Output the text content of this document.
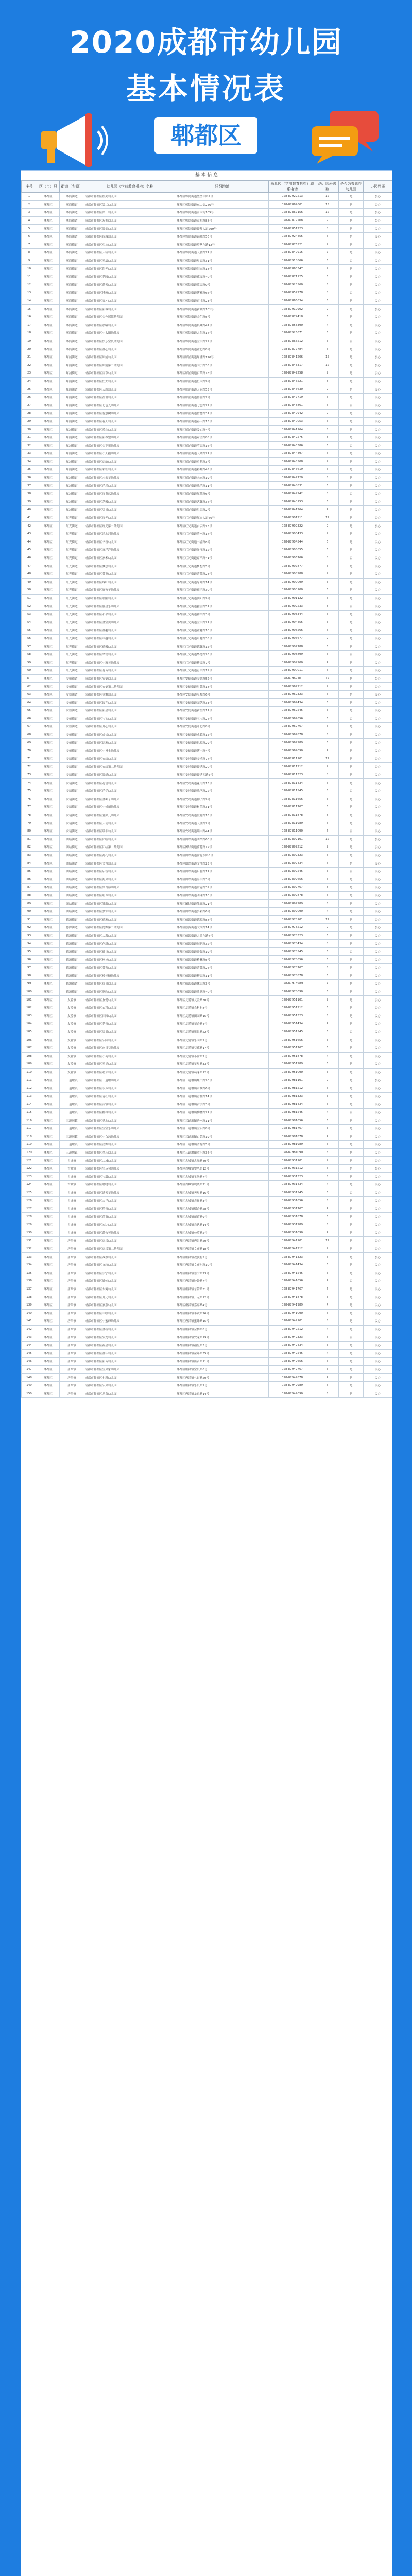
2020成都市幼儿园
基本情况表
郫都区
基 本 信 息
序号	区（市）县	街道（乡镇）	幼儿园（学前教育机构）名称	详细地址	幼儿园（学前教育机构）联系电话	幼儿园班级数	是否为普惠性幼儿园	办园性质
1	郫都区	郫筒街道	成都市郫都区机关幼儿园	郫都区郫筒街道望丛中路9号	028-87922213	12	是	公办
2	郫都区	郫筒街道	成都市郫都区第二幼儿园	郫都区郫筒街道东大街256号	028-87862601	15	是	公办
3	郫都区	郫筒街道	成都市郫都区第三幼儿园	郫都区郫筒街道南大街105号	028-87867156	12	是	公办
4	郫都区	郫筒街道	成都市郫都区双柏幼儿园	郫都区郫筒街道双柏路88号	028-87872208	9	是	公办
5	郫都区	郫筒街道	成都市郫都区蜀都幼儿园	郫都区郫筒街道蜀都大道299号	028-87851223	8	是	民办
6	郫都区	郫筒街道	成都市郫都区锦城幼儿园	郫都区郫筒街道锦城路56号	028-87924455	6	是	民办
7	郫都区	郫筒街道	成都市郫都区望丛幼儿园	郫都区郫筒街道望丛东路12号	028-87876521	9	是	民办
8	郫都区	郫筒街道	成都市郫都区天骄幼儿园	郫都区郫筒街道天骄路77号	028-87849915	7	是	民办
9	郫都区	郫筒街道	成都市郫都区星辰幼儿园	郫都区郫筒街道星辰路31号	028-87918866	6	否	民办
10	郫都区	郫筒街道	成都市郫都区阳光幼儿园	郫都区郫筒街道阳光路18号	028-87863347	9	是	民办
11	郫都区	郫筒街道	成都市郫都区花园幼儿园	郫都区郫筒街道花园路40号	028-87871125	6	是	民办
12	郫都区	郫筒街道	成都市郫都区蓝天幼儿园	郫都区郫筒街道蓝天路9号	028-87925560	5	是	民办
13	郫都区	郫筒街道	成都市郫都区博雅幼儿园	郫都区郫筒街道博雅路66号	028-87852278	8	否	民办
14	郫都区	郫筒街道	成都市郫都区育才幼儿园	郫都区郫筒街道育才路23号	028-87866634	6	是	民办
15	郫都区	郫筒街道	成都市郫都区新城幼儿园	郫都区郫筒街道新城路101号	028-87919902	9	是	公办
16	郫都区	郫筒街道	成都市郫都区金色摇篮幼儿园	郫都区郫筒街道金色路5号	028-87874418	6	是	民办
17	郫都区	郫筒街道	成都市郫都区晨曦幼儿园	郫都区郫筒街道晨曦路47号	028-87853390	4	是	民办
18	郫都区	郫筒街道	成都市郫都区小太阳幼儿园	郫都区郫筒街道太阳路14号	028-87926671	6	是	民办
19	郫都区	郫筒街道	成都市郫都区快乐宝贝幼儿园	郫都区郫筒街道宝贝路29号	028-87865512	5	否	民办
20	郫都区	郫筒街道	成都市郫都区童心幼儿园	郫都区郫筒街道童心路8号	028-87877784	6	是	民办
21	郫都区	犀浦街道	成都市郫都区犀浦幼儿园	郫都区犀浦街道犀浦路120号	028-87841206	15	是	公办
22	郫都区	犀浦街道	成都市郫都区犀浦第二幼儿园	郫都区犀浦街道国宁路36号	028-87843317	12	是	公办
23	郫都区	犀浦街道	成都市郫都区百草幼儿园	郫都区犀浦街道百草路18号	028-87842258	9	是	公办
24	郫都区	犀浦街道	成都市郫都区恒大幼儿园	郫都区犀浦街道恒大路9号	028-87845521	8	是	民办
25	郫都区	犀浦街道	成都市郫都区天府幼儿园	郫都区犀浦街道天府路55号	028-87846630	9	是	民办
26	郫都区	犀浦街道	成都市郫都区蓓蕾幼儿园	郫都区犀浦街道蓓蕾路7号	028-87847719	6	是	民办
27	郫都区	犀浦街道	成都市郫都区七色光幼儿园	郫都区犀浦街道七色路22号	028-87848861	6	否	民办
28	郫都区	犀浦街道	成都市郫都区智慧树幼儿园	郫都区犀浦街道智慧路31号	028-87849942	9	是	民办
29	郫都区	犀浦街道	成都市郫都区春天幼儿园	郫都区犀浦街道春天路13号	028-87840053	6	是	民办
30	郫都区	犀浦街道	成都市郫都区爱心幼儿园	郫都区犀浦街道爱心路4号	028-87841164	5	是	民办
31	郫都区	犀浦街道	成都市郫都区新希望幼儿园	郫都区犀浦街道希望路88号	028-87842275	8	是	民办
32	郫都区	犀浦街道	成都市郫都区金苹果幼儿园	郫都区犀浦街道苹果路16号	028-87843386	6	否	民办
33	郫都区	犀浦街道	成都市郫都区小天鹅幼儿园	郫都区犀浦街道天鹅路27号	028-87844497	6	是	民办
34	郫都区	犀浦街道	成都市郫都区启航幼儿园	郫都区犀浦街道启航路3号	028-87845508	9	是	民办
35	郫都区	犀浦街道	成都市郫都区彩虹幼儿园	郫都区犀浦街道彩虹路45号	028-87846619	6	是	民办
36	郫都区	犀浦街道	成都市郫都区未来星幼儿园	郫都区犀浦街道未来路19号	028-87847720	5	是	民办
37	郫都区	犀浦街道	成都市郫都区乐乐幼儿园	郫都区犀浦街道乐乐路11号	028-87848831	6	是	民办
38	郫都区	犀浦街道	成都市郫都区红黄蓝幼儿园	郫都区犀浦街道红蓝路6号	028-87849942	8	否	民办
39	郫都区	犀浦街道	成都市郫都区艺馨幼儿园	郫都区犀浦街道艺馨路34号	028-87840153	6	是	民办
40	郫都区	犀浦街道	成都市郫都区贝贝幼儿园	郫都区犀浦街道贝贝路2号	028-87841264	4	是	民办
41	郫都区	红光街道	成都市郫都区红光幼儿园	郫都区红光街道红光大道66号	028-87901211	12	是	公办
42	郫都区	红光街道	成都市郫都区红光第二幼儿园	郫都区红光街道白云路23号	028-87902322	9	是	公办
43	郫都区	红光街道	成都市郫都区清水河幼儿园	郫都区红光街道清水路17号	028-87903433	9	是	民办
44	郫都区	红光街道	成都市郫都区书香幼儿园	郫都区红光街道书香路8号	028-87904544	6	是	民办
45	郫都区	红光街道	成都市郫都区喜洋洋幼儿园	郫都区红光街道洋洋路12号	028-87905655	6	是	民办
46	郫都区	红光街道	成都市郫都区嘉禾幼儿园	郫都区红光街道嘉禾路41号	028-87906766	8	否	民办
47	郫都区	红光街道	成都市郫都区梦想幼儿园	郫都区红光街道梦想路5号	028-87907877	6	是	民办
48	郫都区	红光街道	成都市郫都区菁英幼儿园	郫都区红光街道菁英路28号	028-87908988	9	是	民办
49	郫都区	红光街道	成都市郫都区绿叶幼儿园	郫都区红光街道绿叶路14号	028-87909099	5	是	民办
50	郫都区	红光街道	成都市郫都区好孩子幼儿园	郫都区红光街道孩子路30号	028-87900100	6	是	民办
51	郫都区	红光街道	成都市郫都区朝阳幼儿园	郫都区红光街道朝阳路9号	028-87901122	6	是	民办
52	郫都区	红光街道	成都市郫都区雅居乐幼儿园	郫都区红光街道雅居路57号	028-87902233	8	否	民办
53	郫都区	红光街道	成都市郫都区和平幼儿园	郫都区红光街道和平路3号	028-87903344	6	是	民办
54	郫都区	红光街道	成都市郫都区金宝贝幼儿园	郫都区红光街道宝贝路21号	028-87904455	5	是	民办
55	郫都区	红光街道	成都市郫都区童趣幼儿园	郫都区红光街道童趣路10号	028-87905566	6	是	民办
56	郫都区	红光街道	成都市郫都区卓越幼儿园	郫都区红光街道卓越路38号	028-87906677	9	是	民办
57	郫都区	红光街道	成都市郫都区德馨幼儿园	郫都区红光街道德馨路15号	028-87907788	6	是	民办
58	郫都区	红光街道	成都市郫都区华德幼儿园	郫都区红光街道华德路26号	028-87908899	6	否	民办
59	郫都区	红光街道	成都市郫都区小精灵幼儿园	郫都区红光街道精灵路7号	028-87909900	4	是	民办
60	郫都区	红光街道	成都市郫都区育苗幼儿园	郫都区红光街道育苗路19号	028-87900011	6	是	民办
61	郫都区	安德街道	成都市郫都区安德幼儿园	郫都区安德街道安德路52号	028-87962101	12	是	公办
62	郫都区	安德街道	成都市郫都区安德第二幼儿园	郫都区安德街道川菜路18号	028-87962212	9	是	公办
63	郫都区	安德街道	成都市郫都区豆瓣幼儿园	郫都区安德街道豆瓣路6号	028-87962323	6	是	民办
64	郫都区	安德街道	成都市郫都区园艺幼儿园	郫都区安德街道园艺路33号	028-87962434	6	是	民办
65	郫都区	安德街道	成都市郫都区新星幼儿园	郫都区安德街道新星路11号	028-87962545	5	是	民办
66	郫都区	安德街道	成都市郫都区宝宝幼儿园	郫都区安德街道宝宝路24号	028-87962656	6	否	民办
67	郫都区	安德街道	成都市郫都区开心幼儿园	郫都区安德街道开心路8号	028-87962767	6	是	民办
68	郫都区	安德街道	成都市郫都区成长幼儿园	郫都区安德街道成长路15号	028-87962878	5	是	民办
69	郫都区	安德街道	成都市郫都区思源幼儿园	郫都区安德街道思源路29号	028-87962989	6	是	民办
70	郫都区	安德街道	成都市郫都区小博士幼儿园	郫都区安德街道博士路4号	028-87962090	4	是	民办
71	郫都区	安靖街道	成都市郫都区安靖幼儿园	郫都区安靖街道安靖路77号	028-87811101	12	是	公办
72	郫都区	安靖街道	成都市郫都区安靖第二幼儿园	郫都区安靖街道蜀绣路20号	028-87811212	9	是	公办
73	郫都区	安靖街道	成都市郫都区蜀绣幼儿园	郫都区安靖街道蜀绣西路5号	028-87811323	8	是	民办
74	郫都区	安靖街道	成都市郫都区花语幼儿园	郫都区安靖街道花语路13号	028-87811434	6	是	民办
75	郫都区	安靖街道	成都市郫都区乐学幼儿园	郫都区安靖街道乐学路22号	028-87811545	6	否	民办
76	郫都区	安靖街道	成都市郫都区金种子幼儿园	郫都区安靖街道种子路9号	028-87811656	5	是	民办
77	郫都区	安靖街道	成都市郫都区小树苗幼儿园	郫都区安靖街道树苗路31号	028-87811767	6	是	民办
78	郫都区	安靖街道	成都市郫都区爱弥儿幼儿园	郫都区安靖街道爱弥路16号	028-87811878	8	是	民办
79	郫都区	安靖街道	成都市郫都区天使幼儿园	郫都区安靖街道天使路2号	028-87811989	6	是	民办
80	郫都区	安靖街道	成都市郫都区瑞丰幼儿园	郫都区安靖街道瑞丰路44号	028-87811090	6	否	民办
81	郫都区	团结街道	成都市郫都区团结幼儿园	郫都区团结街道团结路60号	028-87892101	12	是	公办
82	郫都区	团结街道	成都市郫都区团结第二幼儿园	郫都区团结街道荷花路12号	028-87892212	9	是	公办
83	郫都区	团结街道	成都市郫都区荷花幼儿园	郫都区团结街道荷花东路8号	028-87892323	6	是	民办
84	郫都区	团结街道	成都市郫都区文博幼儿园	郫都区团结街道文博路25号	028-87892434	6	是	民办
85	郫都区	团结街道	成都市郫都区启智幼儿园	郫都区团结街道启智路17号	028-87892545	5	否	民办
86	郫都区	团结街道	成都市郫都区海贝幼儿园	郫都区团结街道海贝路3号	028-87892656	6	是	民办
87	郫都区	团结街道	成都市郫都区常青藤幼儿园	郫都区团结街道常青路39号	028-87892767	8	是	民办
88	郫都区	团结街道	成都市郫都区明珠幼儿园	郫都区团结街道明珠路10号	028-87892878	6	是	民办
89	郫都区	团结街道	成都市郫都区雏鹰幼儿园	郫都区团结街道雏鹰路21号	028-87892989	5	是	民办
90	郫都区	团结街道	成都市郫都区多彩幼儿园	郫都区团结街道多彩路6号	028-87892090	4	是	民办
91	郫都区	德源街道	成都市郫都区德源幼儿园	郫都区德源街道德源路88号	028-87978101	12	是	公办
92	郫都区	德源街道	成都市郫都区德源第二幼儿园	郫都区德源街道大禹路14号	028-87978212	9	是	公办
93	郫都区	德源街道	成都市郫都区大禹幼儿园	郫都区德源街道大禹东路7号	028-87978323	6	是	民办
94	郫都区	德源街道	成都市郫都区创新幼儿园	郫都区德源街道创新路32号	028-87978434	8	是	民办
95	郫都区	德源街道	成都市郫都区硅谷幼儿园	郫都区德源街道硅谷路19号	028-87978545	6	否	民办
96	郫都区	德源街道	成都市郫都区格林幼儿园	郫都区德源街道格林路5号	028-87978656	6	是	民办
97	郫都区	德源街道	成都市郫都区菁菁幼儿园	郫都区德源街道菁菁路26号	028-87978767	5	是	民办
98	郫都区	德源街道	成都市郫都区棒棒糖幼儿园	郫都区德源街道糖果路11号	028-87978878	6	是	民办
99	郫都区	德源街道	成都市郫都区优贝幼儿园	郫都区德源街道优贝路3号	028-87978989	4	是	民办
100	郫都区	德源街道	成都市郫都区欣欣幼儿园	郫都区德源街道欣欣路40号	028-87978090	6	是	民办
101	郫都区	友爱镇	成都市郫都区友爱幼儿园	郫都区友爱镇友爱路30号	028-87951101	9	是	公办
102	郫都区	友爱镇	成都市郫都区农科幼儿园	郫都区友爱镇农科村8号	028-87951212	6	是	公办
103	郫都区	友爱镇	成都市郫都区田园幼儿园	郫都区友爱镇田园路15号	028-87951323	5	是	民办
104	郫都区	友爱镇	成都市郫都区花香幼儿园	郫都区友爱镇花香路4号	028-87951434	4	是	民办
105	郫都区	友爱镇	成都市郫都区果果幼儿园	郫都区友爱镇果果路22号	028-87951545	6	否	民办
106	郫都区	友爱镇	成都市郫都区乐园幼儿园	郫都区友爱镇乐园路9号	028-87951656	5	是	民办
107	郫都区	友爱镇	成都市郫都区向日葵幼儿园	郫都区友爱镇葵花路17号	028-87951767	6	是	民办
108	郫都区	友爱镇	成都市郫都区小荷幼儿园	郫都区友爱镇小荷路2号	028-87951878	4	是	民办
109	郫都区	友爱镇	成都市郫都区星星幼儿园	郫都区友爱镇星星路33号	028-87951989	6	是	民办
110	郫都区	友爱镇	成都市郫都区萌芽幼儿园	郫都区友爱镇萌芽路12号	028-87951090	5	是	民办
111	郫都区	三道堰镇	成都市郫都区三道堰幼儿园	郫都区三道堰镇堰口路20号	028-87981101	9	是	公办
112	郫都区	三道堰镇	成都市郫都区水乡幼儿园	郫都区三道堰镇水乡路6号	028-87981212	6	是	民办
113	郫都区	三道堰镇	成都市郫都区青杠幼儿园	郫都区三道堰镇青杠路14号	028-87981323	5	是	民办
114	郫都区	三道堰镇	成都市郫都区古镇幼儿园	郫都区三道堰镇古镇路3号	028-87981434	6	是	民办
115	郫都区	三道堰镇	成都市郫都区柳林幼儿园	郫都区三道堰镇柳林路27号	028-87981545	4	否	民办
116	郫都区	三道堰镇	成都市郫都区秀水幼儿园	郫都区三道堰镇秀水路11号	028-87981656	6	是	民办
117	郫都区	三道堰镇	成都市郫都区宝宝乐幼儿园	郫都区三道堰镇宝乐路8号	028-87981767	5	是	民办
118	郫都区	三道堰镇	成都市郫都区小白鸽幼儿园	郫都区三道堰镇白鸽路19号	028-87981878	4	是	民办
119	郫都区	三道堰镇	成都市郫都区清源幼儿园	郫都区三道堰镇清源路5号	028-87981989	6	是	民办
120	郫都区	三道堰镇	成都市郫都区童乐幼儿园	郫都区三道堰镇童乐路36号	028-87981090	5	是	民办
121	郫都区	古城镇	成都市郫都区古城幼儿园	郫都区古城镇古城路40号	028-87931101	9	是	公办
122	郫都区	古城镇	成都市郫都区望丛祠幼儿园	郫都区古城镇望丛路12号	028-87931212	6	是	公办
123	郫都区	古城镇	成都市郫都区宝墩幼儿园	郫都区古城镇宝墩路7号	028-87931323	5	是	民办
124	郫都区	古城镇	成都市郫都区晓晓幼儿园	郫都区古城镇晓晓路21号	028-87931434	4	是	民办
125	郫都区	古城镇	成都市郫都区满天星幼儿园	郫都区古城镇天星路16号	028-87931545	6	否	民办
126	郫都区	古城镇	成都市郫都区吉祥幼儿园	郫都区古城镇吉祥路3号	028-87931656	5	是	民办
127	郫都区	古城镇	成都市郫都区稻香幼儿园	郫都区古城镇稻香路28号	028-87931767	4	是	民办
128	郫都区	古城镇	成都市郫都区苗苗幼儿园	郫都区古城镇苗苗路9号	028-87931878	6	是	民办
129	郫都区	古城镇	成都市郫都区宏达幼儿园	郫都区古城镇宏达路14号	028-87931989	5	是	民办
130	郫都区	古城镇	成都市郫都区蒲公英幼儿园	郫都区古城镇公英路2号	028-87931090	4	是	民办
131	郫都区	唐昌镇	成都市郫都区唐昌幼儿园	郫都区唐昌镇唐昌路50号	028-87941101	12	是	公办
132	郫都区	唐昌镇	成都市郫都区唐昌第二幼儿园	郫都区唐昌镇文庙路18号	028-87941212	9	是	公办
133	郫都区	唐昌镇	成都市郫都区战旗幼儿园	郫都区唐昌镇战旗村5号	028-87941323	6	是	公办
134	郫都区	唐昌镇	成都市郫都区文庙幼儿园	郫都区唐昌镇文庙东路10号	028-87941434	6	是	民办
135	郫都区	唐昌镇	成都市郫都区崇宁幼儿园	郫都区唐昌镇崇宁路23号	028-87941545	5	是	民办
136	郫都区	唐昌镇	成都市郫都区妙妙幼儿园	郫都区唐昌镇妙妙路7号	028-87941656	4	否	民办
137	郫都区	唐昌镇	成都市郫都区东篱幼儿园	郫都区唐昌镇东篱路31号	028-87941767	6	是	民办
138	郫都区	唐昌镇	成都市郫都区开元幼儿园	郫都区唐昌镇开元路12号	028-87941878	5	是	民办
139	郫都区	唐昌镇	成都市郫都区嘉嘉幼儿园	郫都区唐昌镇嘉嘉路4号	028-87941989	4	是	民办
140	郫都区	唐昌镇	成都市郫都区丰收幼儿园	郫都区唐昌镇丰收路26号	028-87941090	6	是	民办
141	郫都区	唐昌镇	成都市郫都区小蜜蜂幼儿园	郫都区唐昌镇蜜蜂路15号	028-87942101	5	是	民办
142	郫都区	唐昌镇	成都市郫都区金桥幼儿园	郫都区唐昌镇金桥路8号	028-87942212	4	是	民办
143	郫都区	唐昌镇	成都市郫都区安龙幼儿园	郫都区唐昌镇安龙路19号	028-87942323	6	否	民办
144	郫都区	唐昌镇	成都市郫都区福星幼儿园	郫都区唐昌镇福星路3号	028-87942434	5	是	民办
145	郫都区	唐昌镇	成都市郫都区童年幼儿园	郫都区唐昌镇童年路35号	028-87942545	4	是	民办
146	郫都区	唐昌镇	成都市郫都区新苗幼儿园	郫都区唐昌镇新苗路11号	028-87942656	6	是	民办
147	郫都区	唐昌镇	成都市郫都区宝贝家幼儿园	郫都区唐昌镇宝贝路6号	028-87942767	5	是	民办
148	郫都区	唐昌镇	成都市郫都区七彩幼儿园	郫都区唐昌镇七彩路20号	028-87942878	4	是	民办
149	郫都区	唐昌镇	成都市郫都区乐贝幼儿园	郫都区唐昌镇乐贝路9号	028-87942989	6	是	民办
150	郫都区	唐昌镇	成都市郫都区龙泉幼儿园	郫都区唐昌镇龙泉路14号	028-87942090	5	是	民办
